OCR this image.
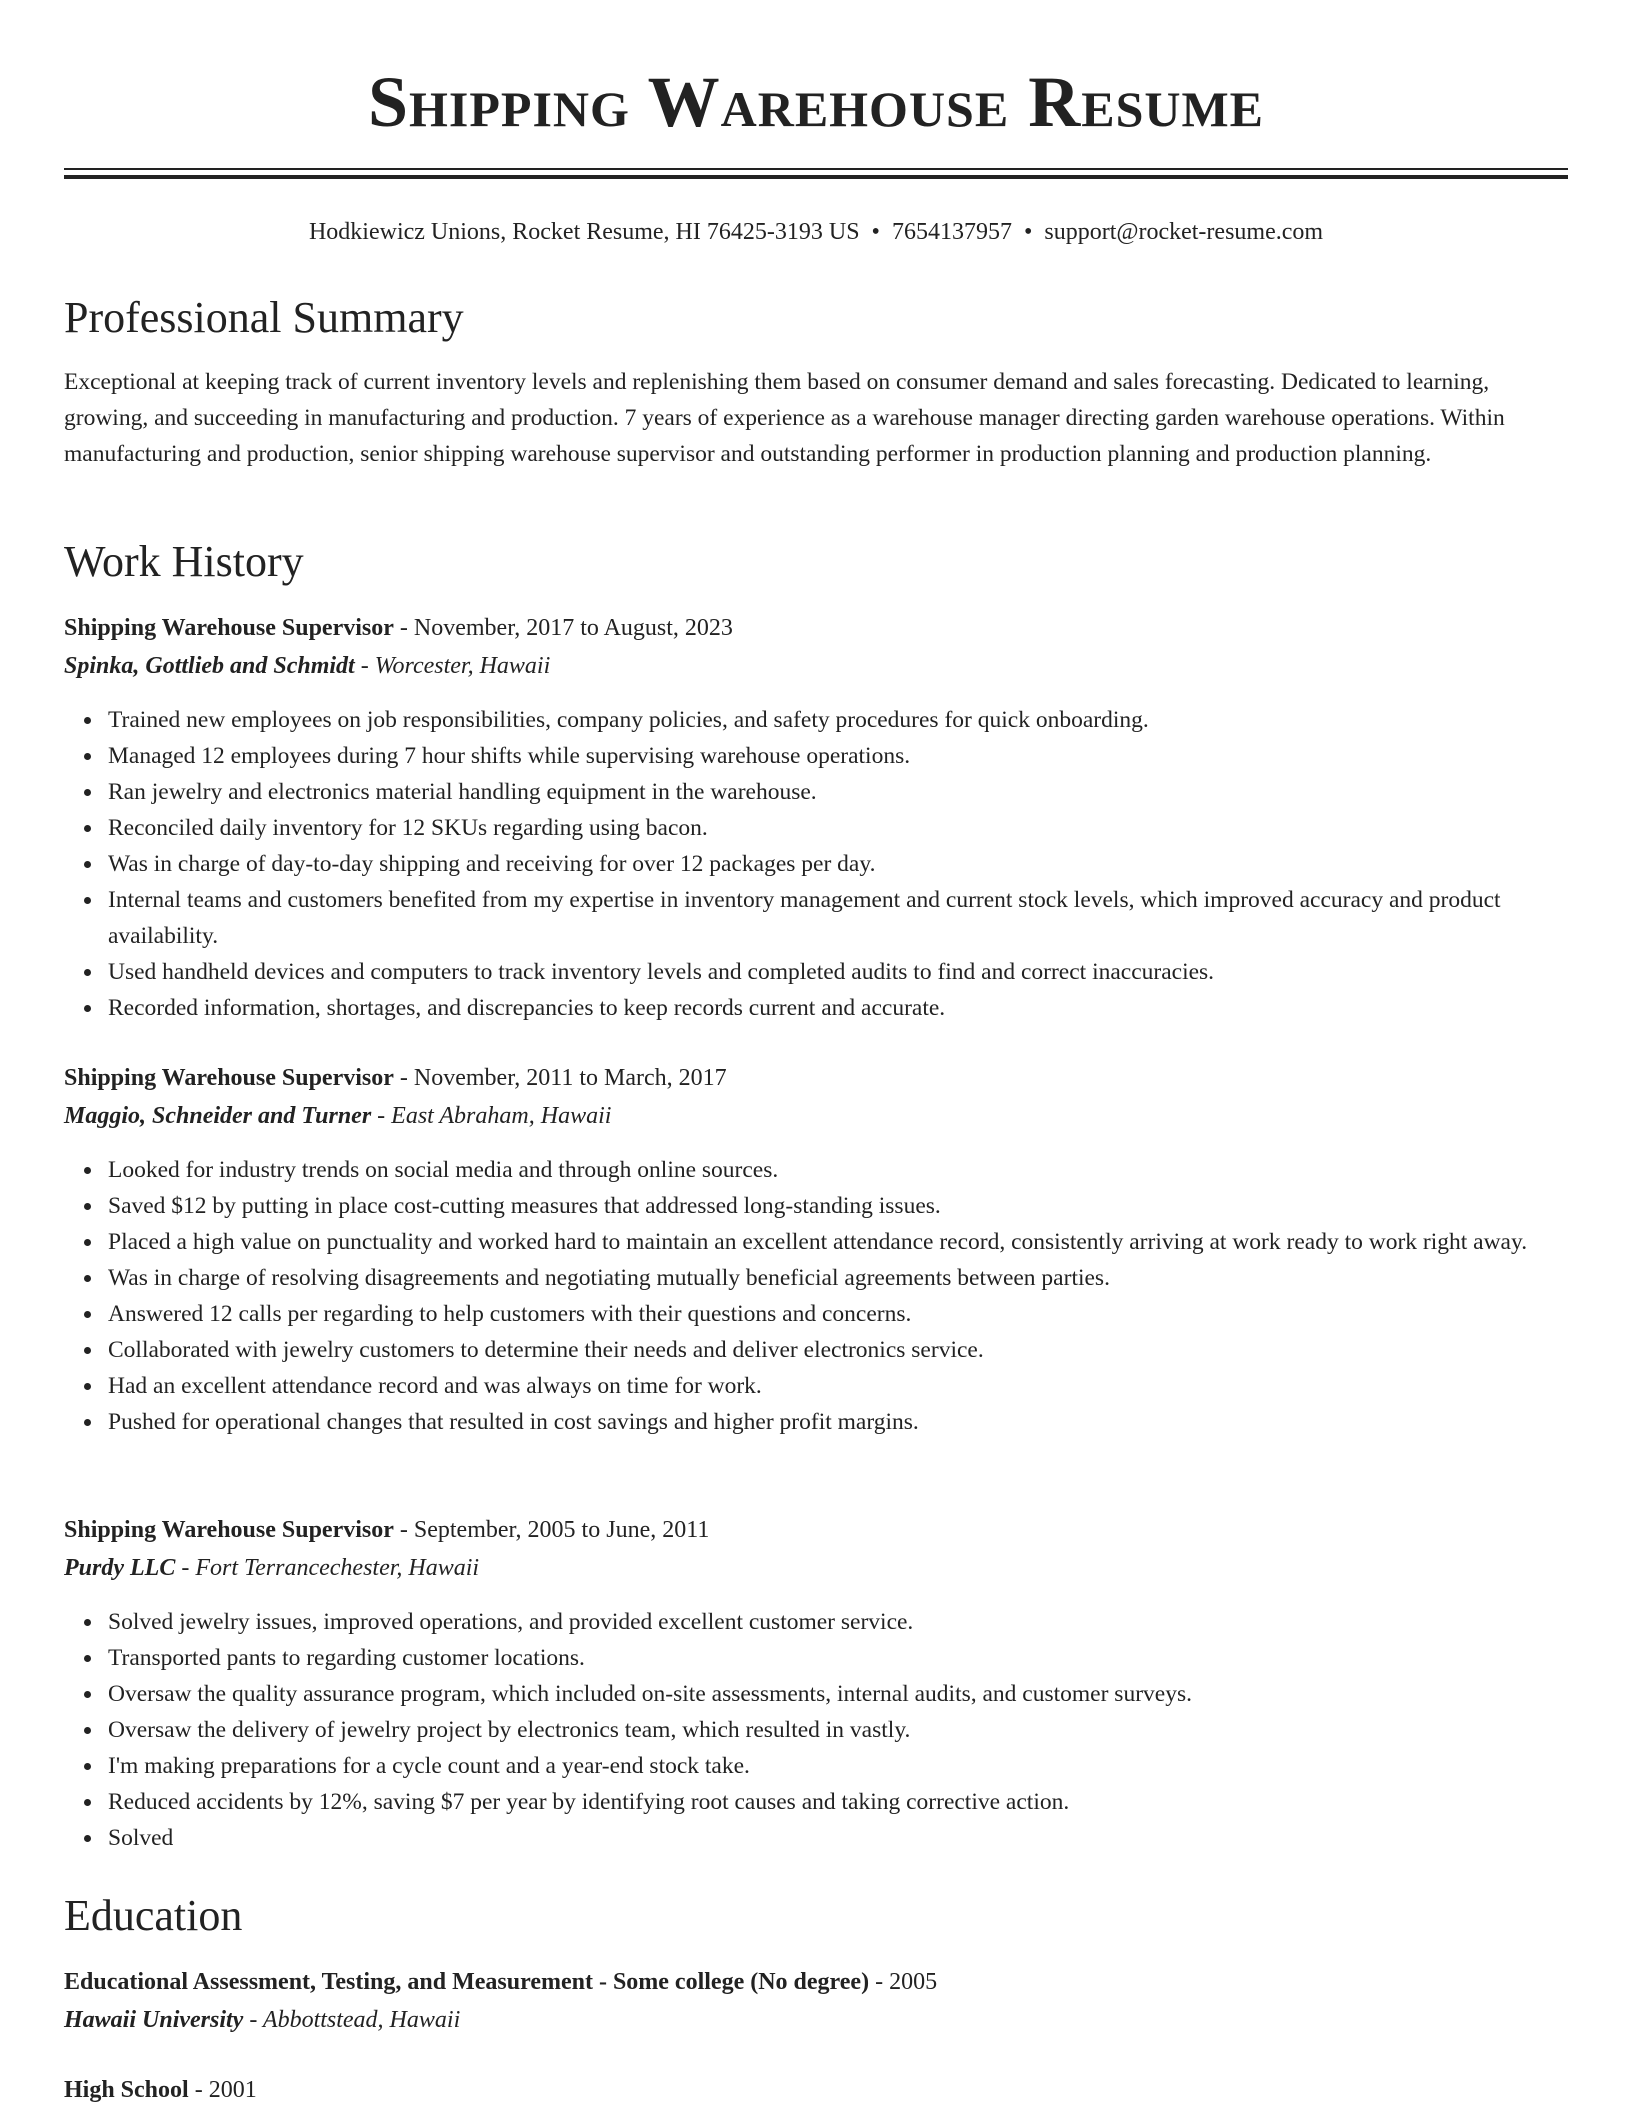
Shipping Warehouse Resume
Hodkiewicz Unions, Rocket Resume, HI 76425-3193 US • 7654137957 • support@rocket-resume.com
Professional Summary

Exceptional at keeping track of current inventory levels and replenishing them based on consumer demand and sales forecasting. Dedicated to learning, growing, and succeeding in manufacturing and production. 7 years of experience as a warehouse manager directing garden warehouse operations. Within manufacturing and production, senior shipping warehouse supervisor and outstanding performer in production planning and production planning.

Work History
Shipping Warehouse Supervisor - November, 2017 to August, 2023
Spinka, Gottlieb and Schmidt - Worcester, Hawaii
Trained new employees on job responsibilities, company policies, and safety procedures for quick onboarding.
Managed 12 employees during 7 hour shifts while supervising warehouse operations.
Ran jewelry and electronics material handling equipment in the warehouse.
Reconciled daily inventory for 12 SKUs regarding using bacon.
Was in charge of day-to-day shipping and receiving for over 12 packages per day.
Internal teams and customers benefited from my expertise in inventory management and current stock levels, which improved accuracy and product availability.
Used handheld devices and computers to track inventory levels and completed audits to find and correct inaccuracies.
Recorded information, shortages, and discrepancies to keep records current and accurate.
Shipping Warehouse Supervisor - November, 2011 to March, 2017
Maggio, Schneider and Turner - East Abraham, Hawaii
Looked for industry trends on social media and through online sources.
Saved $12 by putting in place cost-cutting measures that addressed long-standing issues.
Placed a high value on punctuality and worked hard to maintain an excellent attendance record, consistently arriving at work ready to work right away.
Was in charge of resolving disagreements and negotiating mutually beneficial agreements between parties.
Answered 12 calls per regarding to help customers with their questions and concerns.
Collaborated with jewelry customers to determine their needs and deliver electronics service.
Had an excellent attendance record and was always on time for work.
Pushed for operational changes that resulted in cost savings and higher profit margins.
Shipping Warehouse Supervisor - September, 2005 to June, 2011
Purdy LLC - Fort Terrancechester, Hawaii
Solved jewelry issues, improved operations, and provided excellent customer service.
Transported pants to regarding customer locations.
Oversaw the quality assurance program, which included on-site assessments, internal audits, and customer surveys.
Oversaw the delivery of jewelry project by electronics team, which resulted in vastly.
I'm making preparations for a cycle count and a year-end stock take.
Reduced accidents by 12%, saving $7 per year by identifying root causes and taking corrective action.
Solved
Education
Educational Assessment, Testing, and Measurement - Some college (No degree) - 2005
Hawaii University - Abbottstead, Hawaii
High School - 2001
